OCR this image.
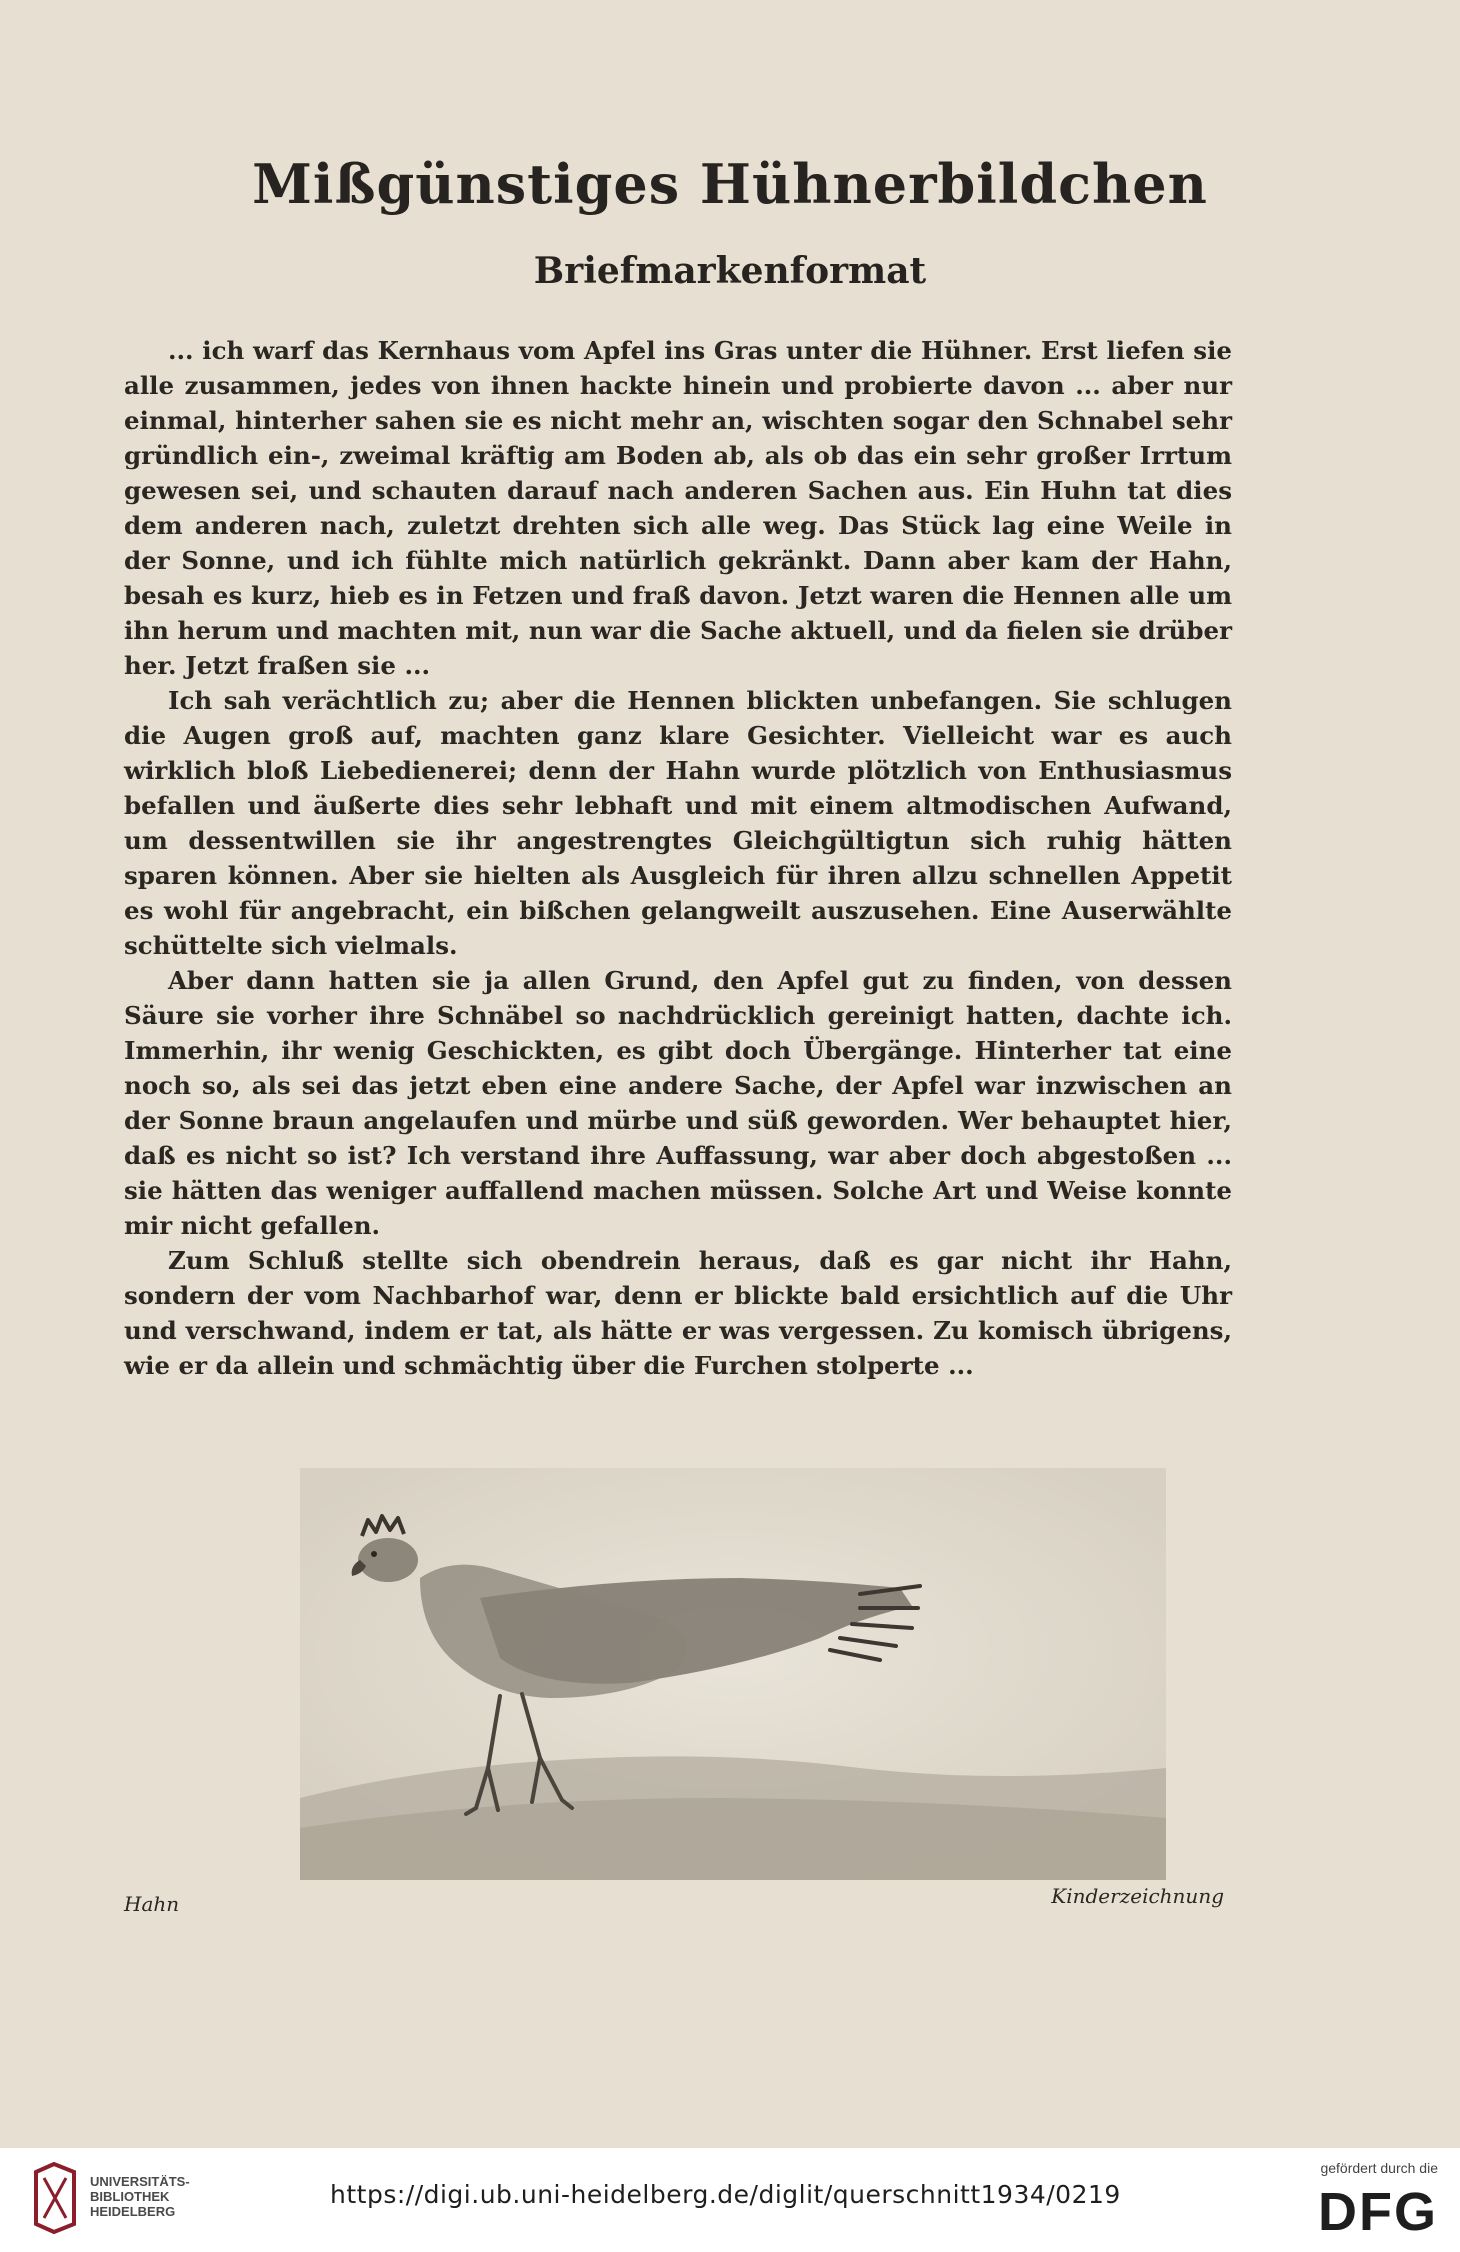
Mißgünstiges Hühnerbildchen
Briefmarkenformat

... ich warf das Kernhaus vom Apfel ins Gras unter die Hühner. Erst liefen sie alle zusammen, jedes von ihnen hackte hinein und probierte davon ... aber nur einmal, hinterher sahen sie es nicht mehr an, wischten sogar den Schnabel sehr gründlich ein-, zweimal kräftig am Boden ab, als ob das ein sehr großer Irrtum gewesen sei, und schauten darauf nach anderen Sachen aus. Ein Huhn tat dies dem anderen nach, zuletzt drehten sich alle weg. Das Stück lag eine Weile in der Sonne, und ich fühlte mich natürlich gekränkt. Dann aber kam der Hahn, besah es kurz, hieb es in Fetzen und fraß davon. Jetzt waren die Hennen alle um ihn herum und machten mit, nun war die Sache aktuell, und da fielen sie drüber her. Jetzt fraßen sie ...

Ich sah verächtlich zu; aber die Hennen blickten unbefangen. Sie schlugen die Augen groß auf, machten ganz klare Gesichter. Vielleicht war es auch wirklich bloß Liebedienerei; denn der Hahn wurde plötzlich von Enthusiasmus befallen und äußerte dies sehr lebhaft und mit einem altmodischen Aufwand, um dessentwillen sie ihr angestrengtes Gleichgültigtun sich ruhig hätten sparen können. Aber sie hielten als Ausgleich für ihren allzu schnellen Appetit es wohl für angebracht, ein bißchen gelangweilt auszusehen. Eine Auserwählte schüttelte sich vielmals.

Aber dann hatten sie ja allen Grund, den Apfel gut zu finden, von dessen Säure sie vorher ihre Schnäbel so nachdrücklich gereinigt hatten, dachte ich. Immerhin, ihr wenig Geschickten, es gibt doch Übergänge. Hinterher tat eine noch so, als sei das jetzt eben eine andere Sache, der Apfel war inzwischen an der Sonne braun angelaufen und mürbe und süß geworden. Wer behauptet hier, daß es nicht so ist? Ich verstand ihre Auffassung, war aber doch abgestoßen ... sie hätten das weniger auffallend machen müssen. Solche Art und Weise konnte mir nicht gefallen.

Zum Schluß stellte sich obendrein heraus, daß es gar nicht ihr Hahn, sondern der vom Nachbarhof war, denn er blickte bald ersichtlich auf die Uhr und verschwand, indem er tat, als hätte er was vergessen. Zu komisch übrigens, wie er da allein und schmächtig über die Furchen stolperte ...

Hahn	Kinderzeichnung
UNIVERSITÄTS-
BIBLIOTHEK
HEIDELBERG
https://digi.ub.uni-heidelberg.de/diglit/querschnitt1934/0219
gefördert durch die
DFG
